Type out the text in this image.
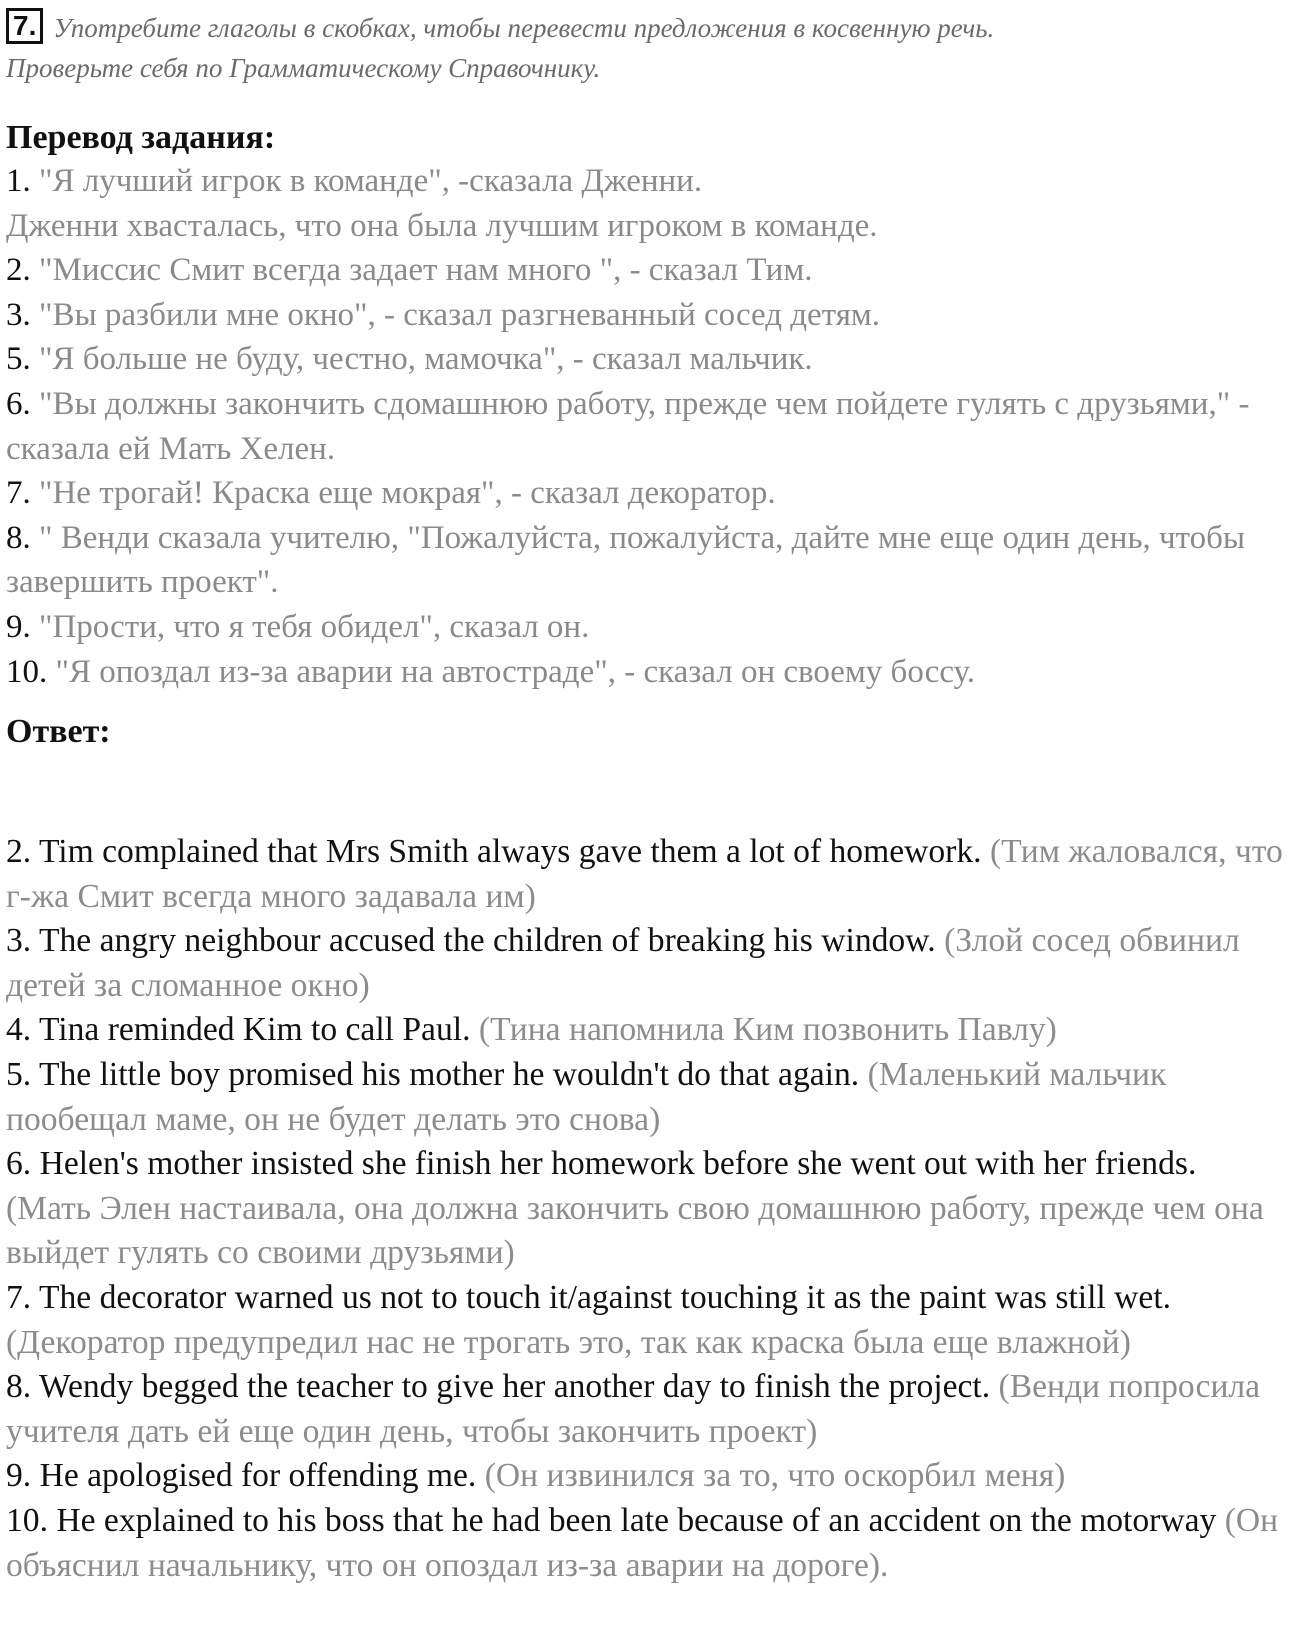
7. Употребите глаголы в скобках, чтобы перевести предложения в косвенную речь.
Проверьте себя по Грамматическому Справочнику.
Перевод задания:

1. "Я лучший игрок в команде", -сказала Дженни.

Дженни хвасталась, что она была лучшим игроком в команде.

2. "Миссис Смит всегда задает нам много ", - сказал Тим.

3. "Вы разбили мне окно", - сказал разгневанный сосед детям.

5. "Я больше не буду, честно, мамочка", - сказал мальчик.

6. "Вы должны закончить сдомашнюю работу, прежде чем пойдете гулять с друзьями," - сказала ей Мать Хелен.

7. "Не трогай! Краска еще мокрая", - сказал декоратор.

8. " Венди сказала учителю, "Пожалуйста, пожалуйста, дайте мне еще один день, чтобы завершить проект".

9. "Прости, что я тебя обидел", сказал он.

10. "Я опоздал из-за аварии на автостраде", - сказал он своему боссу.

Ответ:

2. Tim complained that Mrs Smith always gave them a lot of homework. (Тим жаловался, что г-жа Смит всегда много задавала им)

3. The angry neighbour accused the children of breaking his window. (Злой сосед обвинил детей за сломанное окно)

4. Tina reminded Kim to call Paul. (Тина напомнила Ким позвонить Павлу)

5. The little boy promised his mother he wouldn't do that again. (Маленький мальчик пообещал маме, он не будет делать это снова)

6. Helen's mother insisted she finish her homework before she went out with her friends. (Мать Элен настаивала, она должна закончить свою домашнюю работу, прежде чем она выйдет гулять со своими друзьями)

7. The decorator warned us not to touch it/against touching it as the paint was still wet. (Декоратор предупредил нас не трогать это, так как краска была еще влажной)

8. Wendy begged the teacher to give her another day to finish the project. (Венди попросила учителя дать ей еще один день, чтобы закончить проект)

9. He apologised for offending me. (Он извинился за то, что оскорбил меня)

10. He explained to his boss that he had been late because of an accident on the motorway (Он объяснил начальнику, что он опоздал из-за аварии на дороге).
